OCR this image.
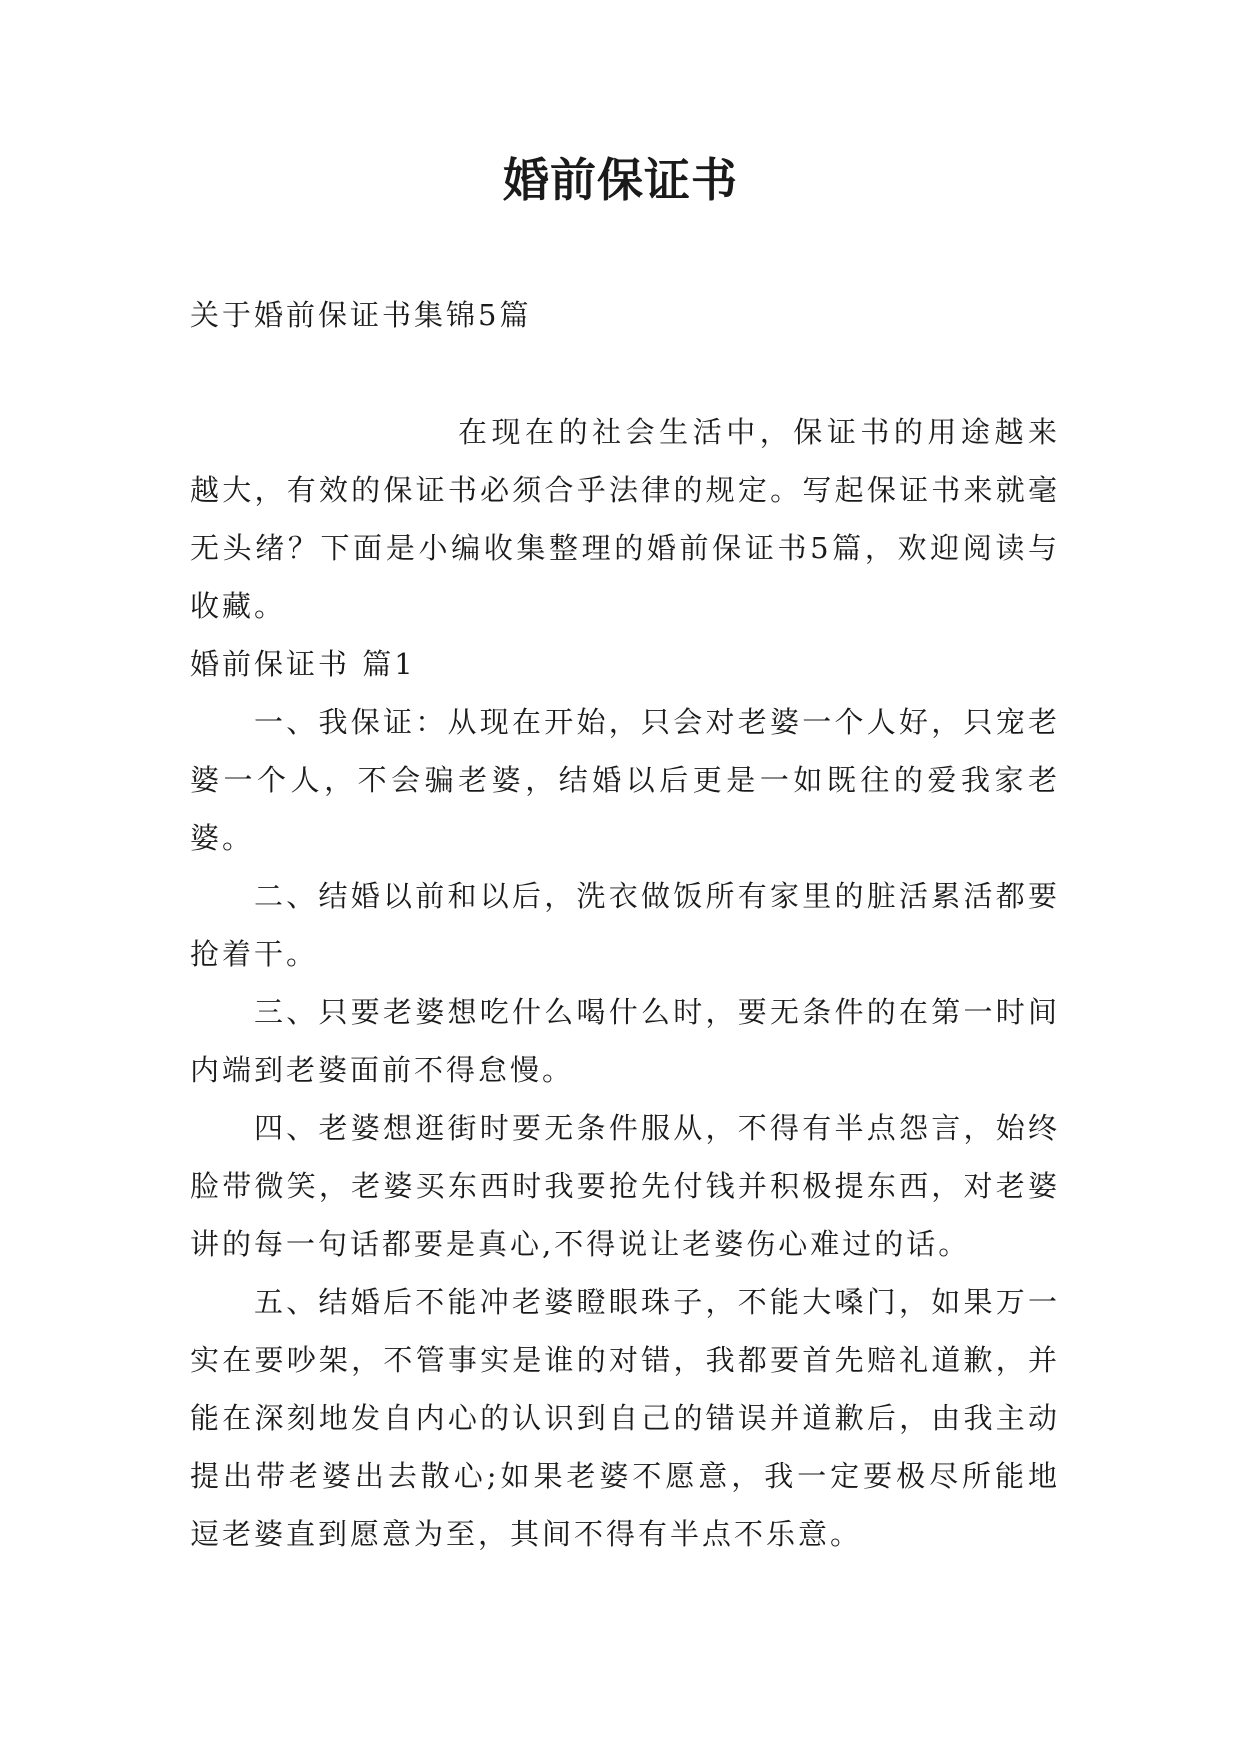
婚前保证书

关于婚前保证书集锦5篇

在现在的社会生活中，保证书的用途越来越大，有效的保证书必须合乎法律的规定。写起保证书来就毫无头绪？下面是小编收集整理的婚前保证书5篇，欢迎阅读与收藏。

婚前保证书 篇1

一、我保证：从现在开始，只会对老婆一个人好，只宠老婆一个人，不会骗老婆，结婚以后更是一如既往的爱我家老婆。

二、结婚以前和以后，洗衣做饭所有家里的脏活累活都要抢着干。

三、只要老婆想吃什么喝什么时，要无条件的在第一时间内端到老婆面前不得怠慢。

四、老婆想逛街时要无条件服从，不得有半点怨言，始终脸带微笑，老婆买东西时我要抢先付钱并积极提东西，对老婆讲的每一句话都要是真心,不得说让老婆伤心难过的话。

五、结婚后不能冲老婆瞪眼珠子，不能大嗓门，如果万一实在要吵架，不管事实是谁的对错，我都要首先赔礼道歉，并能在深刻地发自内心的认识到自己的错误并道歉后，由我主动提出带老婆出去散心;如果老婆不愿意，我一定要极尽所能地逗老婆直到愿意为至，其间不得有半点不乐意。
